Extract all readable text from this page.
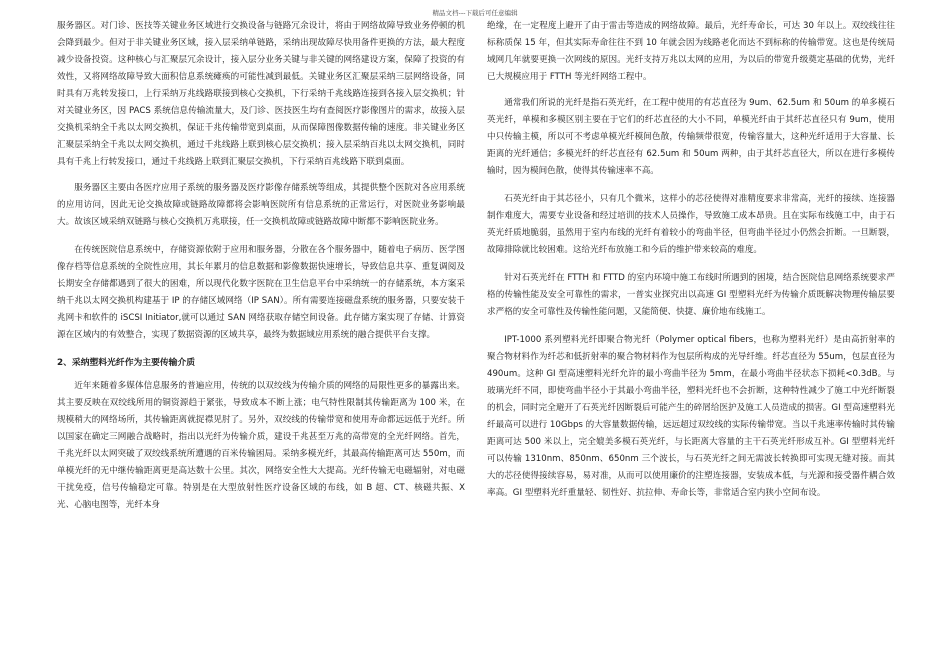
精品文档---下载后可任意编辑

服务器区。对门诊、医技等关键业务区域进行交换设备与链路冗余设计，将由于网络故障导致业务停顿的机会降到最少。但对于非关键业务区域，接入层采纳单链路，采纳出现故障尽快用备件更换的方法，最大程度减少设备投资。这种核心与汇聚层冗余设计，接入层分业务关键与非关键的网络建设方案，保障了投资的有效性，又将网络故障导致大面积信息系统瘫痪的可能性减到最低。关键业务区汇聚层采纳三层网络设备，同时具有万兆转发接口，上行采纳万兆线路联接到核心交换机，下行采纳千兆线路连接到各接入层交换机；针对关键业务区，因 PACS 系统信息传输流量大，及门诊、医技医生均有查阅医疗影像图片的需求，故接入层交换机采纳全千兆以太网交换机，保证千兆传输带宽到桌面，从而保障图像数据传输的速度。非关键业务区汇聚层采纳全千兆以太网交换机，通过千兆线路上联到核心层交换机；接入层采纳百兆以太网交换机，同时具有千兆上行转发接口，通过千兆线路上联到汇聚层交换机，下行采纳百兆线路下联到桌面。

服务器区主要由各医疗应用子系统的服务器及医疗影像存储系统等组成，其提供整个医院对各应用系统的应用访问，因此无论交换故障或链路故障都将会影响医院所有信息系统的正常运行，对医院业务影响最大。故该区域采纳双链路与核心交换机万兆联接，任一交换机故障或链路故障中断都不影响医院业务。

在传统医院信息系统中，存储资源依附于应用和服务器，分散在各个服务器中，随着电子病历、医学图像存档等信息系统的全院性应用，其长年累月的信息数据和影像数据快速增长，导致信息共享、重复调阅及长期安全存储都遇到了很大的困难，所以现代化数字医院在卫生信息平台中采纳统一的存储系统，本方案采纳千兆以太网交换机构建基于 IP 的存储区域网络（IP SAN）。所有需要连接磁盘系统的服务器，只要安装千兆网卡和软件的 iSCSI Initiator,就可以通过 SAN 网络获取存储空间设备。此存储方案实现了存储、计算资源在区域内的有效整合，实现了数据资源的区域共享，最终为数据域应用系统的融合提供平台支撑。

2、采纳塑料光纤作为主要传输介质

近年来随着多媒体信息服务的普遍应用，传统的以双绞线为传输介质的网络的局限性更多的暴露出来。其主要反映在双绞线所用的铜资源趋于紧张，导致成本不断上涨；电气特性限制其传输距离为 100 米，在规模稍大的网络场所，其传输距离就捉襟见肘了。另外，双绞线的传输带宽和使用寿命都远远低于光纤。所以国家在确定三网融合战略时，指出以光纤为传输介质，建设千兆甚至万兆的高带宽的全光纤网络。首先，千兆光纤以太网突破了双绞线系统所遭遇的百米传输困局。采纳多模光纤，其最高传输距离可达 550m，而单模光纤的无中继传输距离更是高达数十公里。其次，网络安全性大大提高。光纤传输无电磁辐射，对电磁干扰免疫，信号传输稳定可靠。特别是在大型放射性医疗设备区域的布线，如 B 超、CT、核磁共振、X 光、心脑电图等，光纤本身

绝缘，在一定程度上避开了由于雷击等造成的网络故障。最后，光纤寿命长，可达 30 年以上。双绞线往往标称质保 15 年，但其实际寿命往往不到 10 年就会因为线路老化而达不到标称的传输带宽。这也是传统局域网几年就要更换一次网线的原因。光纤支持万兆以太网的应用，为以后的带宽升级奠定基础的优势，光纤已大规模应用于 FTTH 等光纤网络工程中。

通常我们所说的光纤是指石英光纤，在工程中使用的有芯直径为 9um、62.5um 和 50um 的单多模石英光纤，单模和多模区别主要在于它们的纤芯直径的大小不同，单模光纤由于其纤芯直径只有 9um，使用中只传输主模，所以可不考虑单模光纤模间色散，传输频带很宽，传输容量大，这种光纤适用于大容量、长距离的光纤通信；多模光纤的纤芯直径有 62.5um 和 50um 两种，由于其纤芯直径大，所以在进行多模传输时，因为模间色散，使得其传输速率不高。

石英光纤由于其芯径小，只有几个微米，这样小的芯径使得对准精度要求非常高，光纤的接续、连接器制作难度大，需要专业设备和经过培训的技术人员操作，导致施工成本昂贵。且在实际布线施工中，由于石英光纤质地脆弱，虽然用于室内布线的光纤有着较小的弯曲半径，但弯曲半径过小仍然会折断。一旦断裂，故障排除就比较困难。这给光纤布放施工和今后的维护带来较高的难度。

针对石英光纤在 FTTH 和 FTTD 的室内环境中施工布线时所遇到的困境，结合医院信息网络系统要求严格的传输性能及安全可靠性的需求，一普实业探究出以高速 GI 型塑料光纤为传输介质既解决物理传输层要求严格的安全可靠性及传输性能问题，又能简便、快捷、廉价地布线施工。

IPT-1000 系列塑料光纤即聚合物光纤（Polymer optical fibers，也称为塑料光纤）是由高折射率的聚合物材料作为纤芯和低折射率的聚合物材料作为包层所构成的光导纤维。纤芯直径为 55um，包层直径为 490um。这种 GI 型高速塑料光纤允许的最小弯曲半径为 5mm，在最小弯曲半径状态下损耗<0.3dB。与玻璃光纤不同，即使弯曲半径小于其最小弯曲半径，塑料光纤也不会折断，这种特性减少了施工中光纤断裂的机会，同时完全避开了石英光纤因断裂后可能产生的碎屑给医护及施工人员造成的损害。GI 型高速塑料光纤最高可以进行 10Gbps 的大容量数据传输，远远超过双绞线的实际传输带宽。当以千兆速率传输时其传输距离可达 500 米以上，完全媲美多模石英光纤，与长距离大容量的主干石英光纤形成互补。GI 型塑料光纤可以传输 1310nm、850nm、650nm 三个波长，与石英光纤之间无需波长转换即可实现无缝对接。而其大的芯径使得接续容易，易对准，从而可以使用廉价的注塑连接器，安装成本低，与光源和接受器件耦合效率高。GI 型塑料光纤重量轻、韧性好、抗拉伸、寿命长等，非常适合室内狭小空间布设。
